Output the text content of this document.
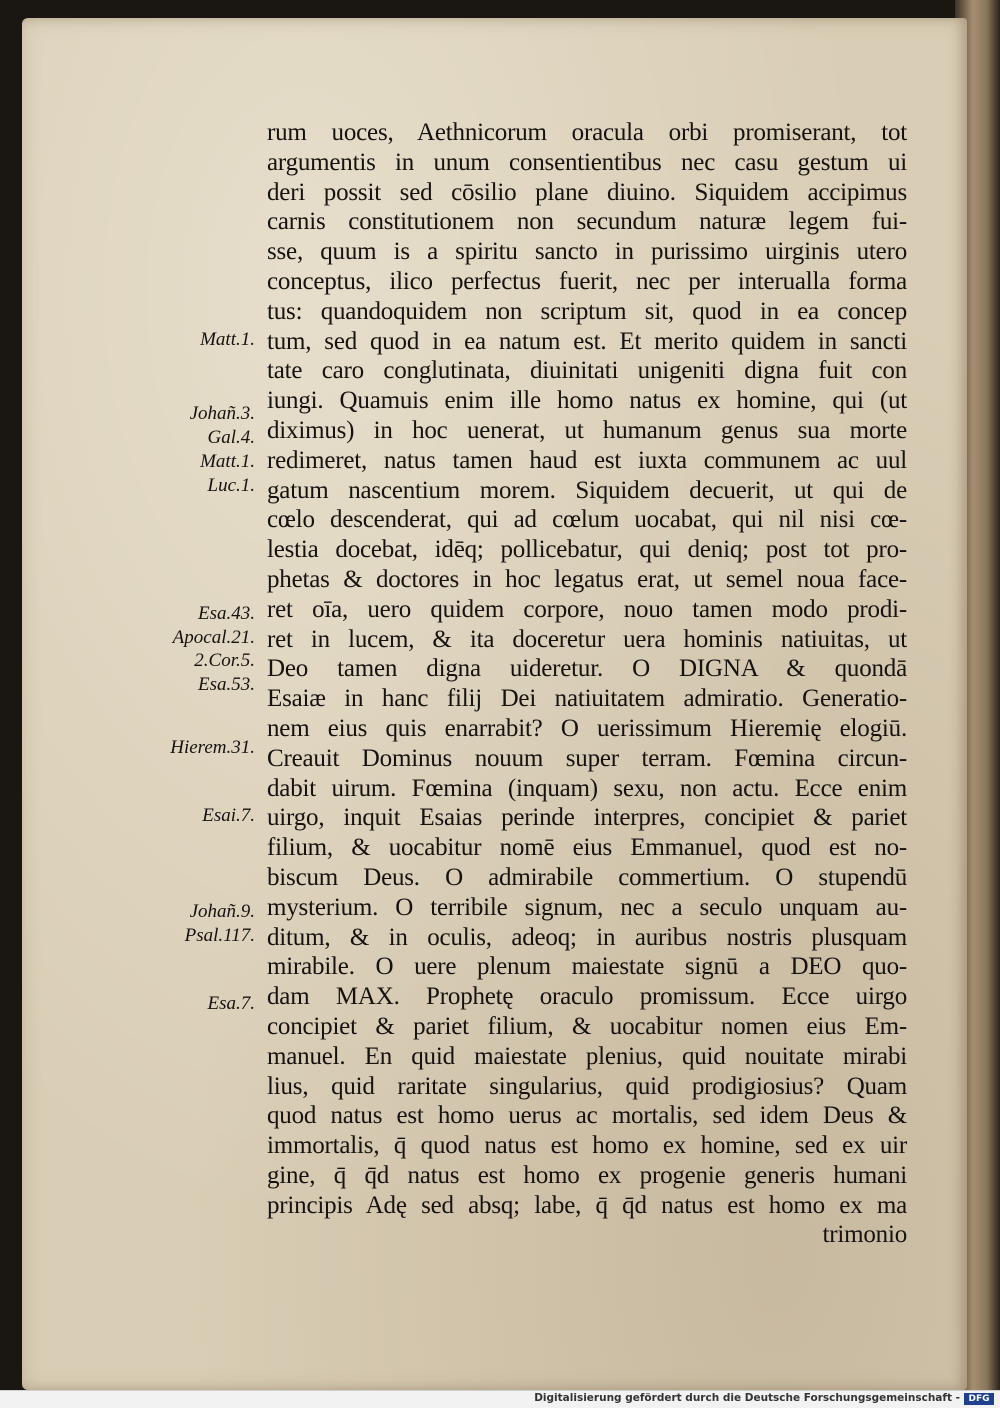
rum uoces, Aethnicorum oracula orbi promiserant, tot
argumentis in unum consentientibus nec casu gestum ui
deri possit sed cōsilio plane diuino. Siquidem accipimus
carnis constitutionem non secundum naturæ legem fui-
sse, quum is a spiritu sancto in purissimo uirginis utero
conceptus, ilico perfectus fuerit, nec per interualla forma
tus: quandoquidem non scriptum sit, quod in ea concep
tum, sed quod in ea natum est. Et merito quidem in sancti
tate caro conglutinata, diuinitati unigeniti digna fuit con
iungi. Quamuis enim ille homo natus ex homine, qui (ut
diximus) in hoc uenerat, ut humanum genus sua morte
redimeret, natus tamen haud est iuxta communem ac uul
gatum nascentium morem. Siquidem decuerit, ut qui de
cœlo descenderat, qui ad cœlum uocabat, qui nil nisi cœ-
lestia docebat, idēq; pollicebatur, qui deniq; post tot pro-
phetas & doctores in hoc legatus erat, ut semel noua face-
ret oīa, uero quidem corpore, nouo tamen modo prodi-
ret in lucem, & ita doceretur uera hominis natiuitas, ut
Deo tamen digna uideretur. O DIGNA & quondā
Esaiæ in hanc filij Dei natiuitatem admiratio. Generatio-
nem eius quis enarrabit? O uerissimum Hieremię elogiū.
Creauit Dominus nouum super terram. Fœmina circun-
dabit uirum. Fœmina (inquam) sexu, non actu. Ecce enim
uirgo, inquit Esaias perinde interpres, concipiet & pariet
filium, & uocabitur nomē eius Emmanuel, quod est no-
biscum Deus. O admirabile commertium. O stupendū
mysterium. O terribile signum, nec a seculo unquam au-
ditum, & in oculis, adeoq; in auribus nostris plusquam
mirabile. O uere plenum maiestate signū a DEO quo-
dam MAX. Prophetę oraculo promissum. Ecce uirgo
concipiet & pariet filium, & uocabitur nomen eius Em-
manuel. En quid maiestate plenius, quid nouitate mirabi
lius, quid raritate singularius, quid prodigiosius? Quam
quod natus est homo uerus ac mortalis, sed idem Deus &
immortalis, q̄ quod natus est homo ex homine, sed ex uir
gine, q̄ q̄d natus est homo ex progenie generis humani
principis Adę sed absq; labe, q̄ q̄d natus est homo ex ma
trimonio
Matt.1.
Johañ.3.
Gal.4.
Matt.1.
Luc.1.
Esa.43.
Apocal.21.
2.Cor.5.
Esa.53.
Hierem.31.
Esai.7.
Johañ.9.
Psal.117.
Esa.7.
Digitalisierung gefördert durch die Deutsche Forschungsgemeinschaft - DFG
